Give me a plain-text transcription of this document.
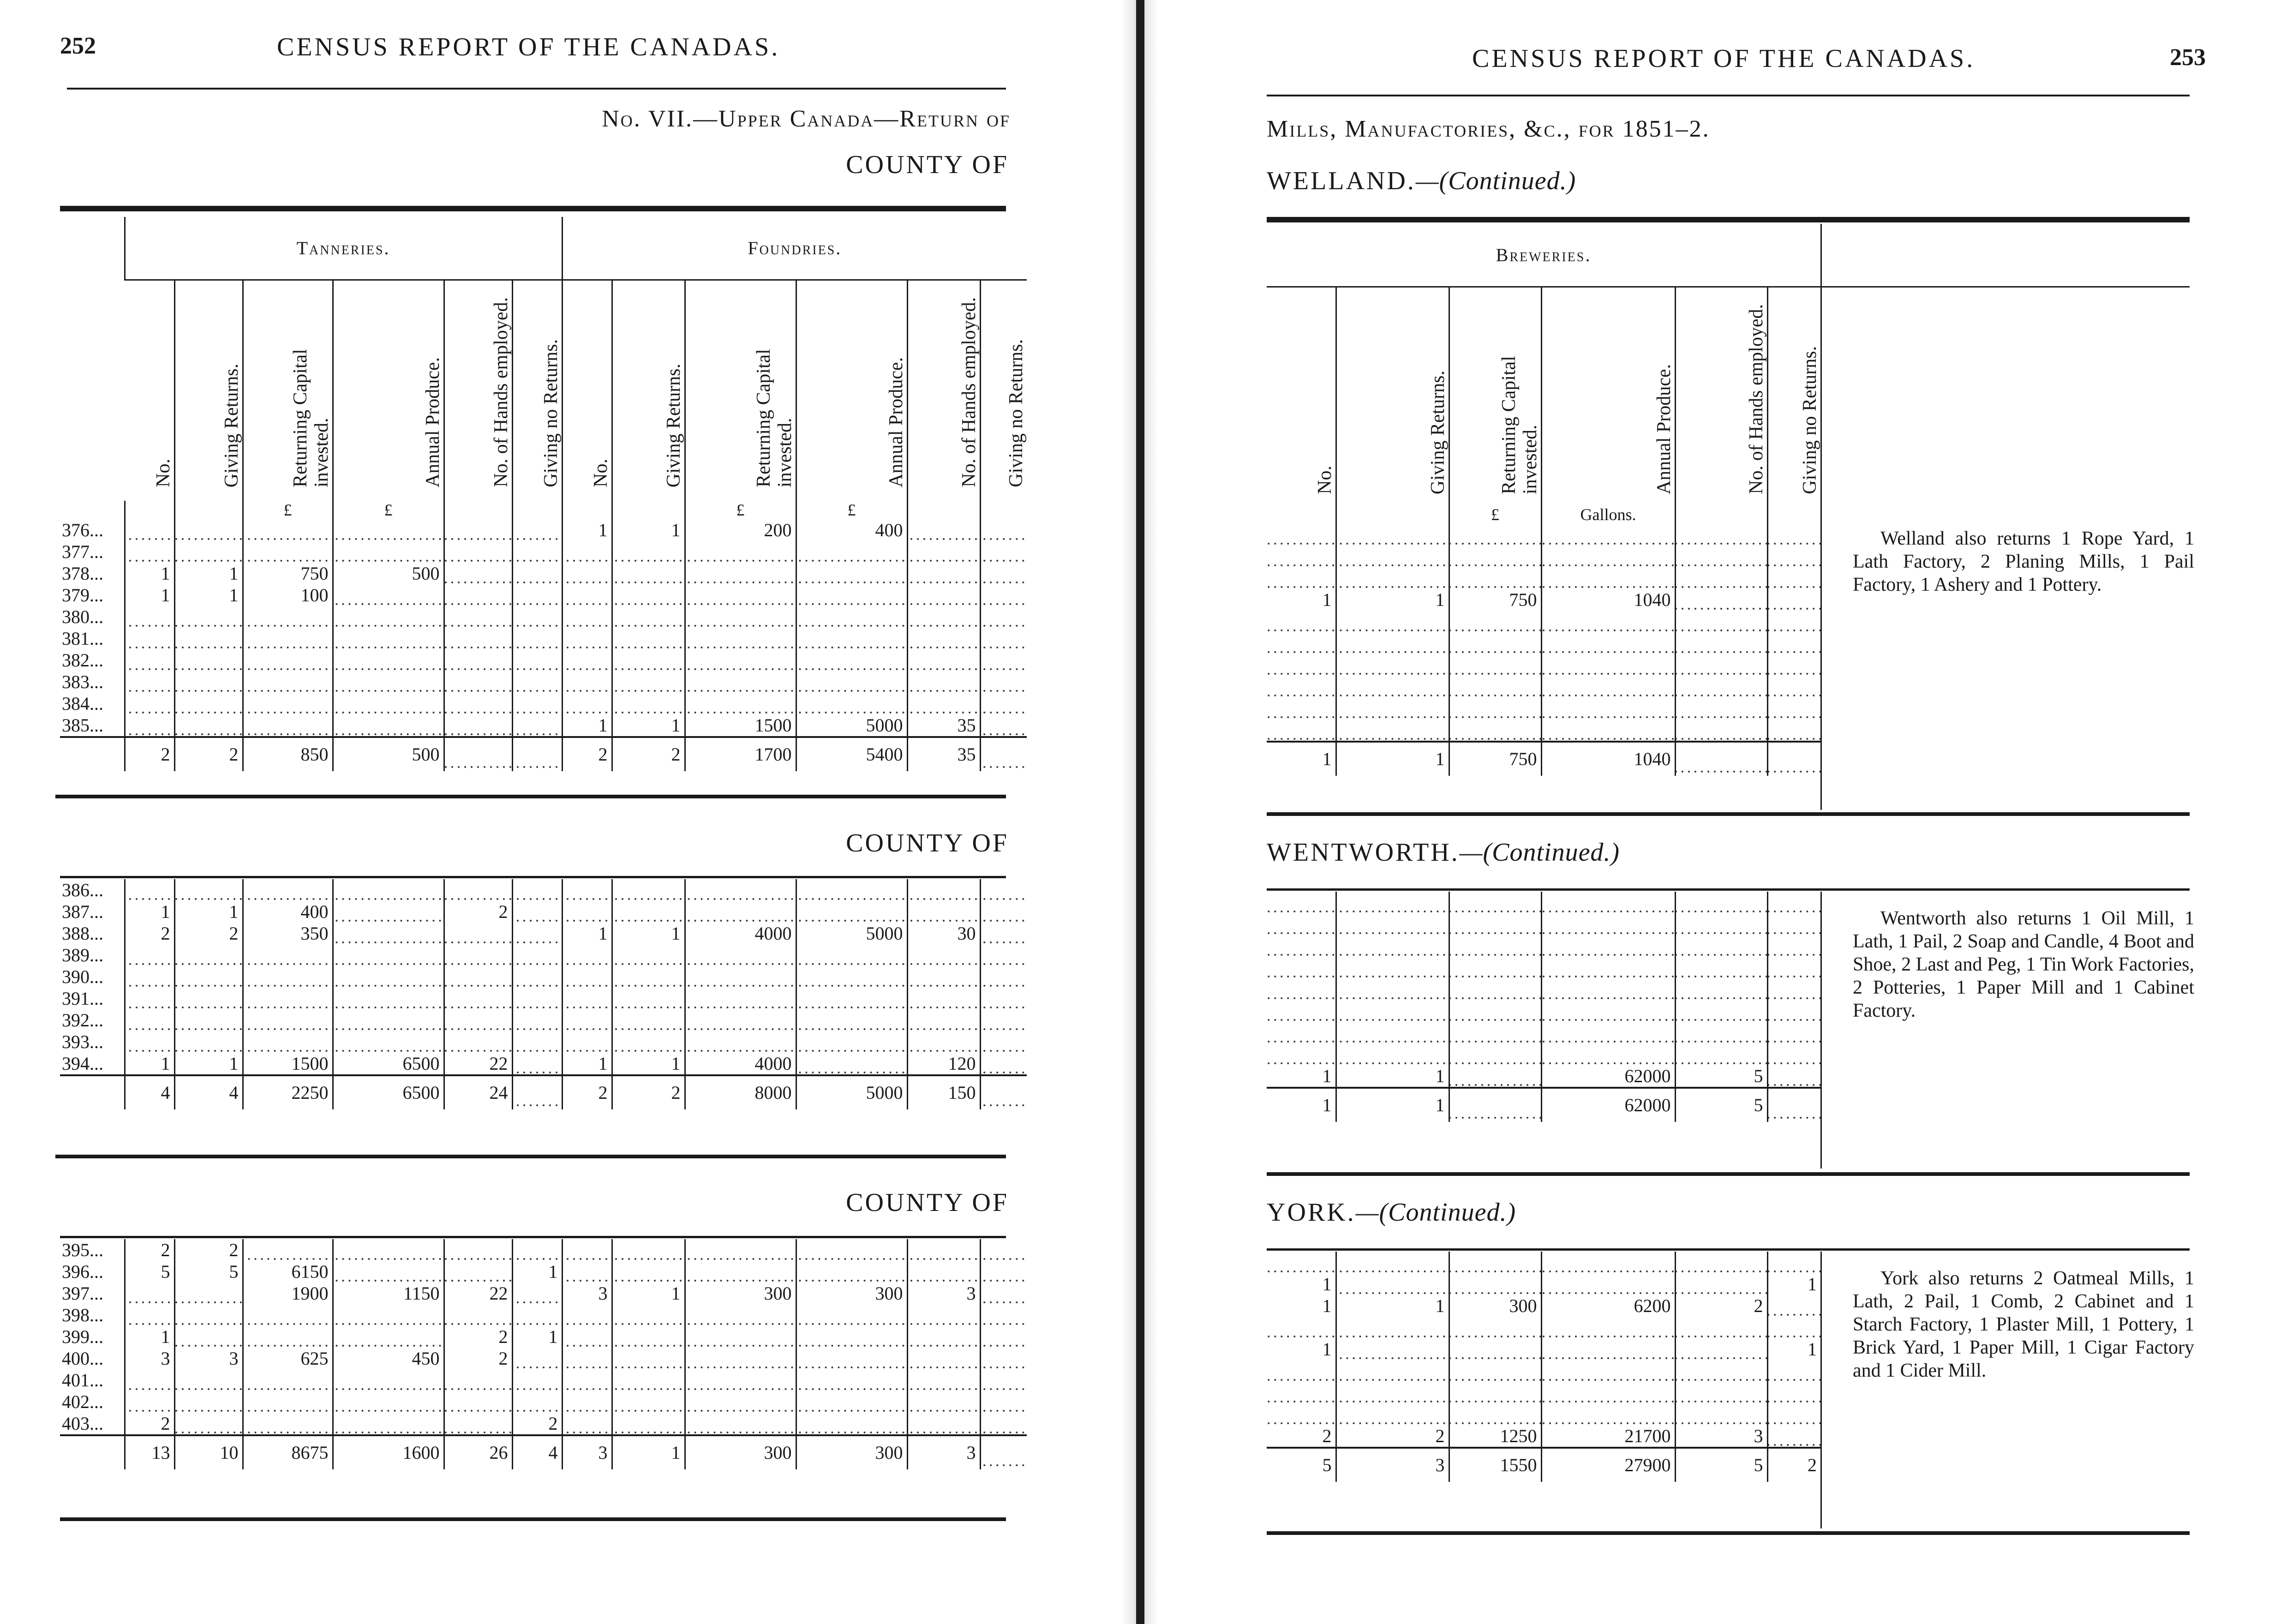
252	CENSUS REPORT OF THE CANADAS.
No. VII.—Upper Canada—Return of
COUNTY OF
	Tanneries.						Foundries.					
	No.	Giving Returns.	Returning Capital invested.	Annual Produce.	No. of Hands employed.	Giving no Returns.	No.	Giving Returns.	Returning Capital invested.	Annual Produce.	No. of Hands employed.	Giving no Returns.
			£	£					£	£		
376...							1	1	200	400		
377...												
378...	1	1	750	500								
379...	1	1	100									
380...												
381...												
382...												
383...												
384...												
385...							1	1	1500	5000	35	
	2	2	850	500			2	2	1700	5400	35	
COUNTY OF
386...												
387...	1	1	400		2							
388...	2	2	350				1	1	4000	5000	30	
389...												
390...												
391...												
392...												
393...												
394...	1	1	1500	6500	22		1	1	4000		120	
	4	4	2250	6500	24		2	2	8000	5000	150	
COUNTY OF
395...	2	2										
396...	5	5	6150			1						
397...			1900	1150	22		3	1	300	300	3	
398...												
399...	1				2	1						
400...	3	3	625	450	2							
401...												
402...												
403...	2					2						
	13	10	8675	1600	26	4	3	1	300	300	3	
CENSUS REPORT OF THE CANADAS.	253
Mills, Manufactories, &c., for 1851–2.
WELLAND.—(Continued.)
Breweries.
No.	Giving Returns.	Returning Capital invested.	Annual Produce.	No. of Hands employed.	Giving no Returns.
		£	Gallons.		

1	1	750	1040		

1	1	750	1040		
Welland also returns 1 Rope Yard, 1 Lath Factory, 2 Planing Mills, 1 Pail Factory, 1 Ashery and 1 Pottery.
WENTWORTH.—(Continued.)

1	1		62000	5	
1	1		62000	5	
Wentworth also returns 1 Oil Mill, 1 Lath, 1 Pail, 2 Soap and Candle, 4 Boot and Shoe, 2 Last and Peg, 1 Tin Work Factories, 2 Potteries, 1 Paper Mill and 1 Cabinet Factory.
YORK.—(Continued.)

1					1
1	1	300	6200	2	

1					1

2	2	1250	21700	3	
5	3	1550	27900	5	2
York also returns 2 Oatmeal Mills, 1 Lath, 2 Pail, 1 Comb, 2 Cabinet and 1 Starch Factory, 1 Plaster Mill, 1 Pottery, 1 Brick Yard, 1 Paper Mill, 1 Cigar Factory and 1 Cider Mill.
